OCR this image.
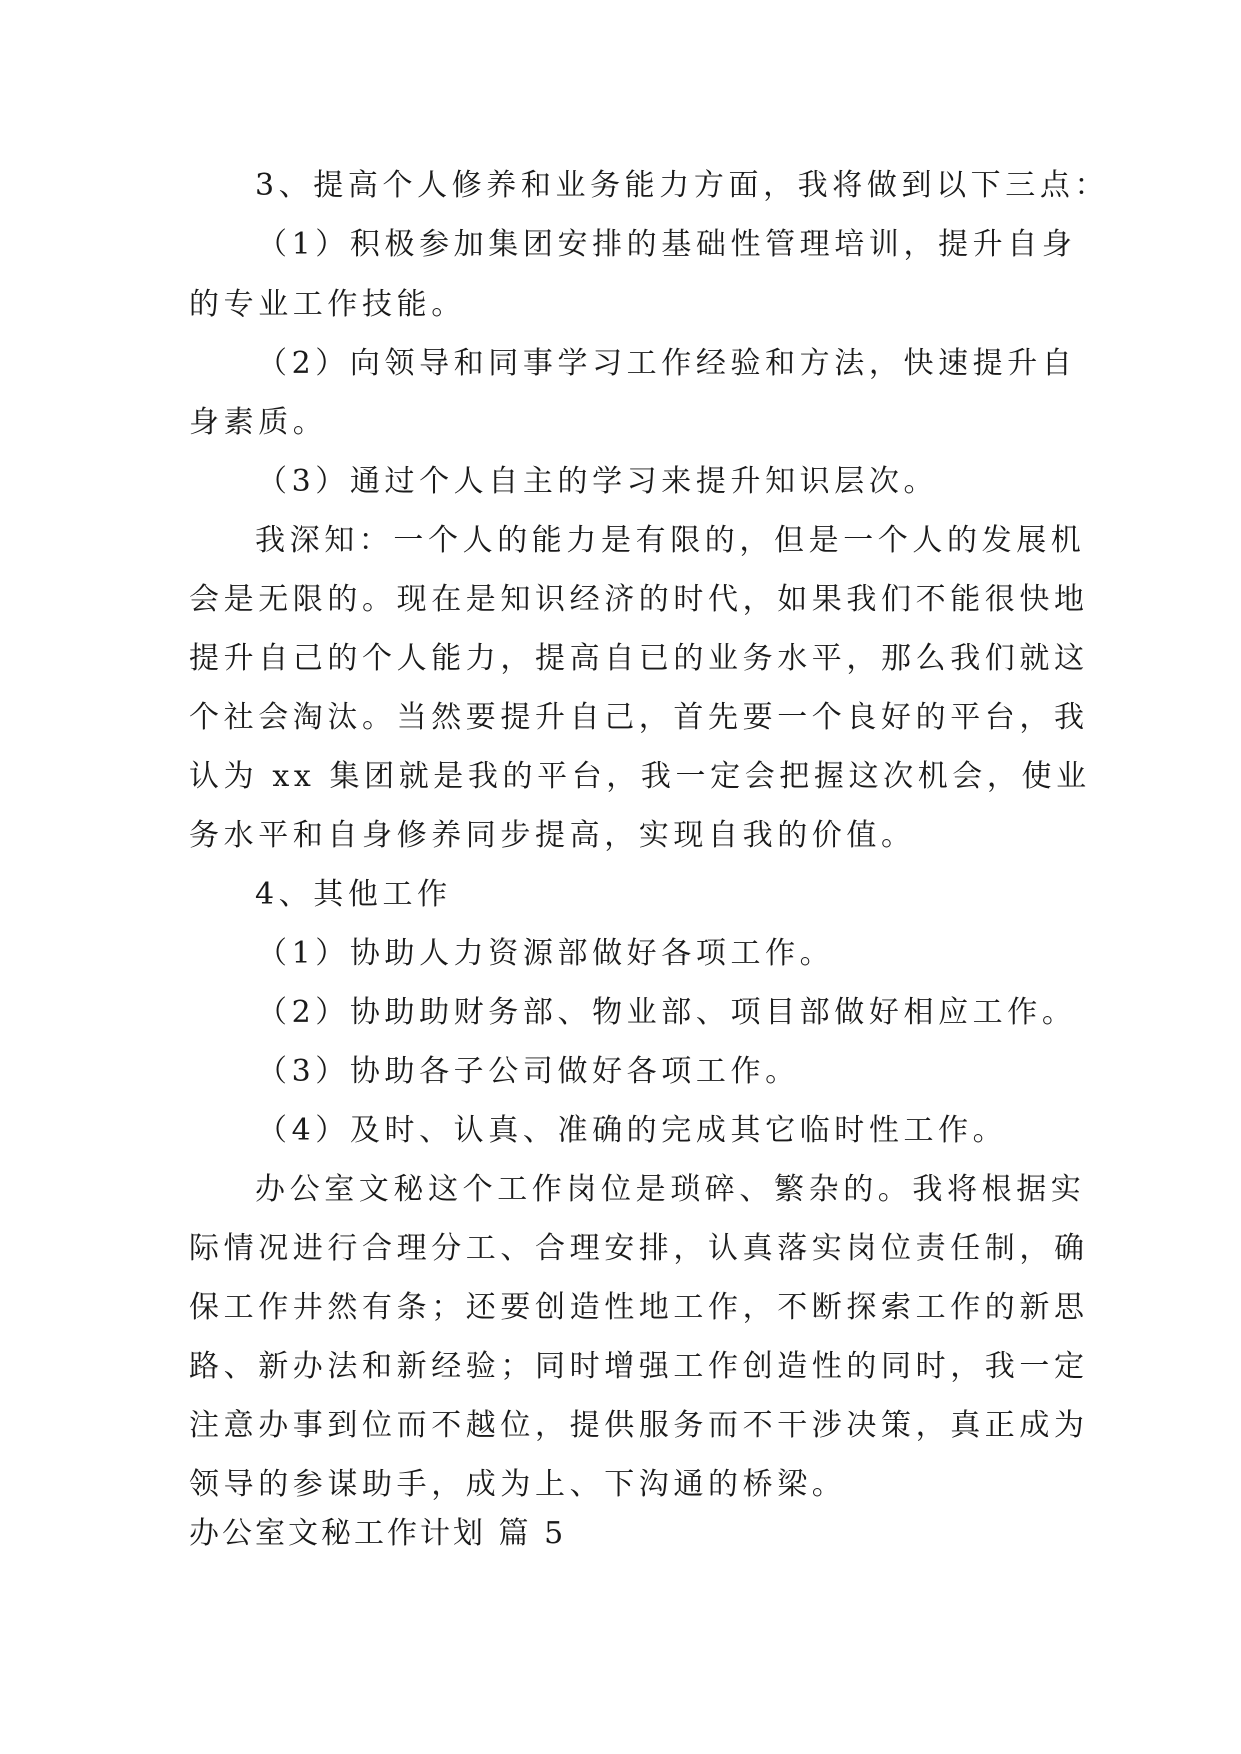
3、提高个人修养和业务能力方面，我将做到以下三点：

（1）积极参加集团安排的基础性管理培训，提升自身

的专业工作技能。

（2）向领导和同事学习工作经验和方法，快速提升自

身素质。

（3）通过个人自主的学习来提升知识层次。

我深知：一个人的能力是有限的，但是一个人的发展机

会是无限的。现在是知识经济的时代，如果我们不能很快地

提升自己的个人能力，提高自已的业务水平，那么我们就这

个社会淘汰。当然要提升自己，首先要一个良好的平台，我

认为 xx 集团就是我的平台，我一定会把握这次机会，使业

务水平和自身修养同步提高，实现自我的价值。

4、其他工作

（1）协助人力资源部做好各项工作。

（2）协助助财务部、物业部、项目部做好相应工作。

（3）协助各子公司做好各项工作。

（4）及时、认真、准确的完成其它临时性工作。

办公室文秘这个工作岗位是琐碎、繁杂的。我将根据实

际情况进行合理分工、合理安排，认真落实岗位责任制，确

保工作井然有条；还要创造性地工作，不断探索工作的新思

路、新办法和新经验；同时增强工作创造性的同时，我一定

注意办事到位而不越位，提供服务而不干涉决策，真正成为

领导的参谋助手，成为上、下沟通的桥梁。

办公室文秘工作计划 篇 5
